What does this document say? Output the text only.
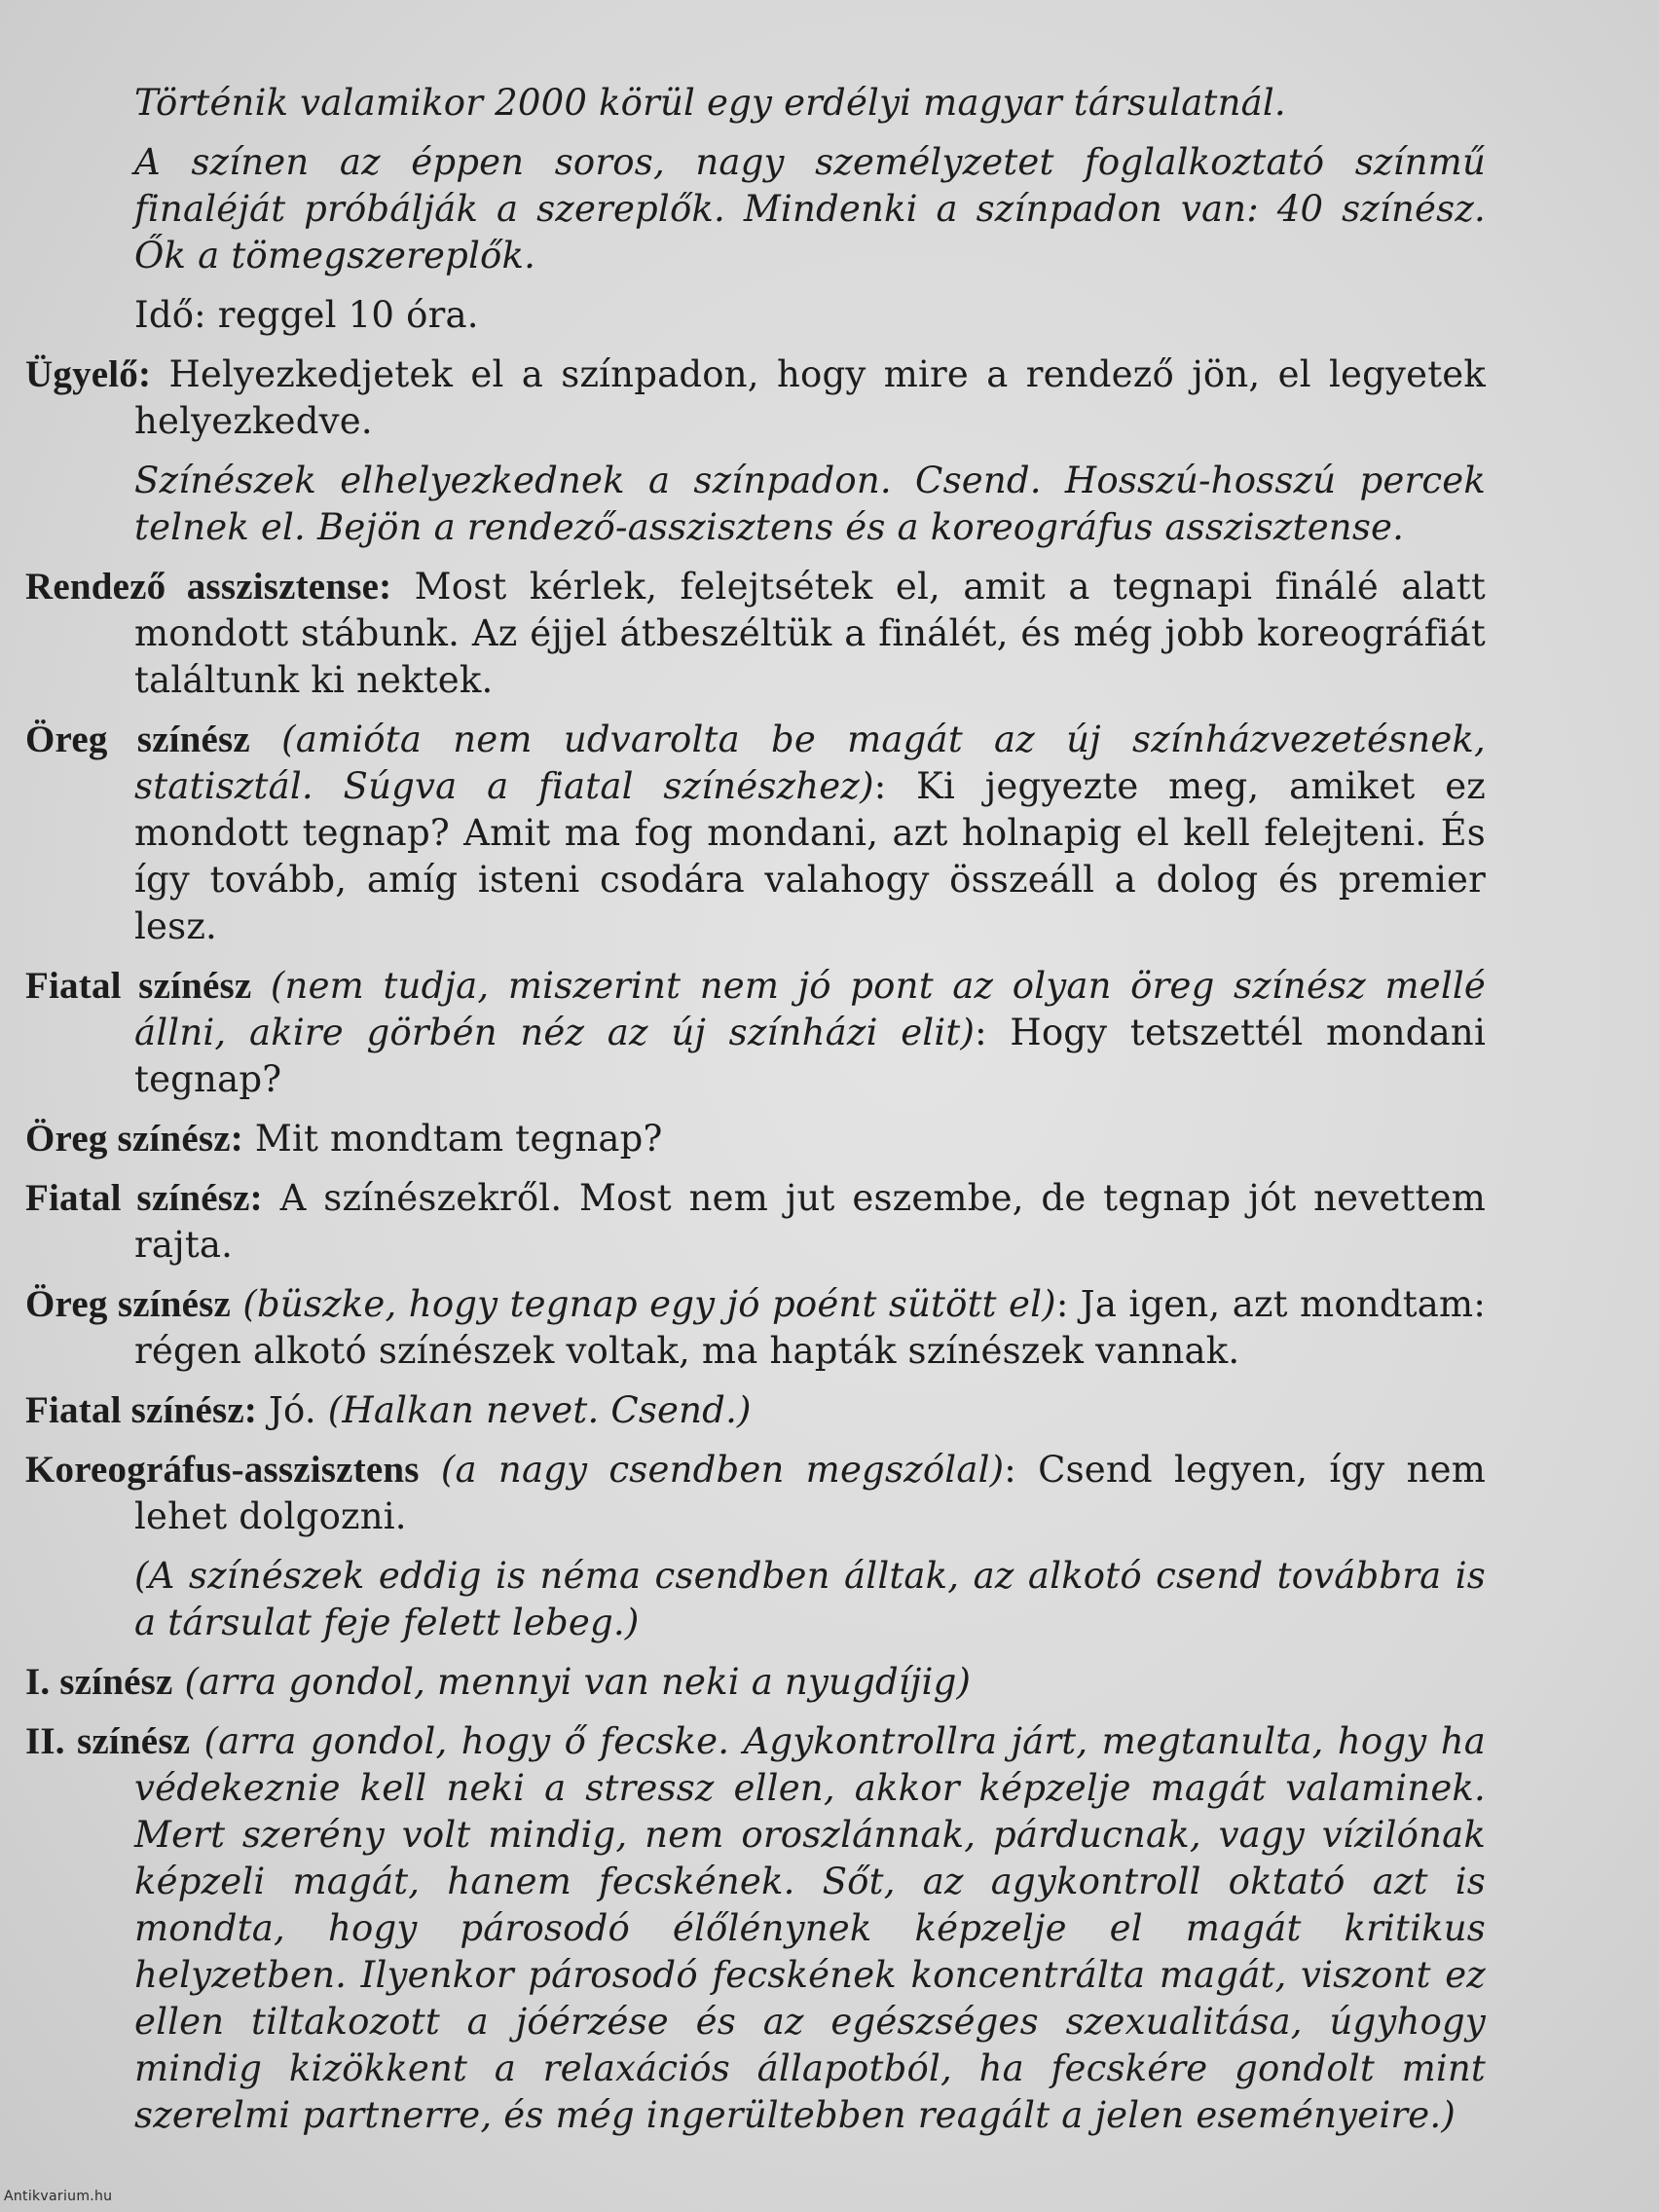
Történik valamikor 2000 körül egy erdélyi magyar társulatnál.

A színen az éppen soros, nagy személyzetet foglalkoztató színmű finaléját próbálják a szereplők. Mindenki a színpadon van: 40 színész. Ők a tömegszereplők.

Idő: reggel 10 óra.

Ügyelő: Helyezkedjetek el a színpadon, hogy mire a rendező jön, el legyetek helyezkedve.

Színészek elhelyezkednek a színpadon. Csend. Hosszú-hosszú percek telnek el. Bejön a rendező-asszisztens és a koreográfus asszisztense.

Rendező asszisztense: Most kérlek, felejtsétek el, amit a tegnapi finálé alatt mondott stábunk. Az éjjel átbeszéltük a finálét, és még jobb koreográfiát találtunk ki nektek.

Öreg színész (amióta nem udvarolta be magát az új színházvezetésnek, statisztál. Súgva a fiatal színészhez): Ki jegyezte meg, amiket ez mondott tegnap? Amit ma fog mondani, azt holnapig el kell felejteni. És így tovább, amíg isteni csodára valahogy összeáll a dolog és premier lesz.

Fiatal színész (nem tudja, miszerint nem jó pont az olyan öreg színész mellé állni, akire görbén néz az új színházi elit): Hogy tetszettél mondani tegnap?

Öreg színész: Mit mondtam tegnap?

Fiatal színész: A színészekről. Most nem jut eszembe, de tegnap jót nevettem rajta.

Öreg színész (büszke, hogy tegnap egy jó poént sütött el): Ja igen, azt mondtam: régen alkotó színészek voltak, ma hapták színészek vannak.

Fiatal színész: Jó. (Halkan nevet. Csend.)

Koreográfus-asszisztens (a nagy csendben megszólal): Csend legyen, így nem lehet dolgozni.

(A színészek eddig is néma csendben álltak, az alkotó csend továbbra is a társulat feje felett lebeg.)

I. színész (arra gondol, mennyi van neki a nyugdíjig)

II. színész (arra gondol, hogy ő fecske. Agykontrollra járt, megtanulta, hogy ha védekeznie kell neki a stressz ellen, akkor képzelje magát valaminek. Mert szerény volt mindig, nem oroszlánnak, párducnak, vagy vízilónak képzeli magát, hanem fecskének. Sőt, az agykontroll oktató azt is mondta, hogy párosodó élőlénynek képzelje el magát kritikus helyzetben. Ilyenkor párosodó fecskének koncentrálta magát, viszont ez ellen tiltakozott a jóérzése és az egészséges szexualitása, úgyhogy mindig kizökkent a relaxációs állapotból, ha fecskére gondolt mint szerelmi partnerre, és még ingerültebben reagált a jelen eseményeire.)

Antikvarium.hu
